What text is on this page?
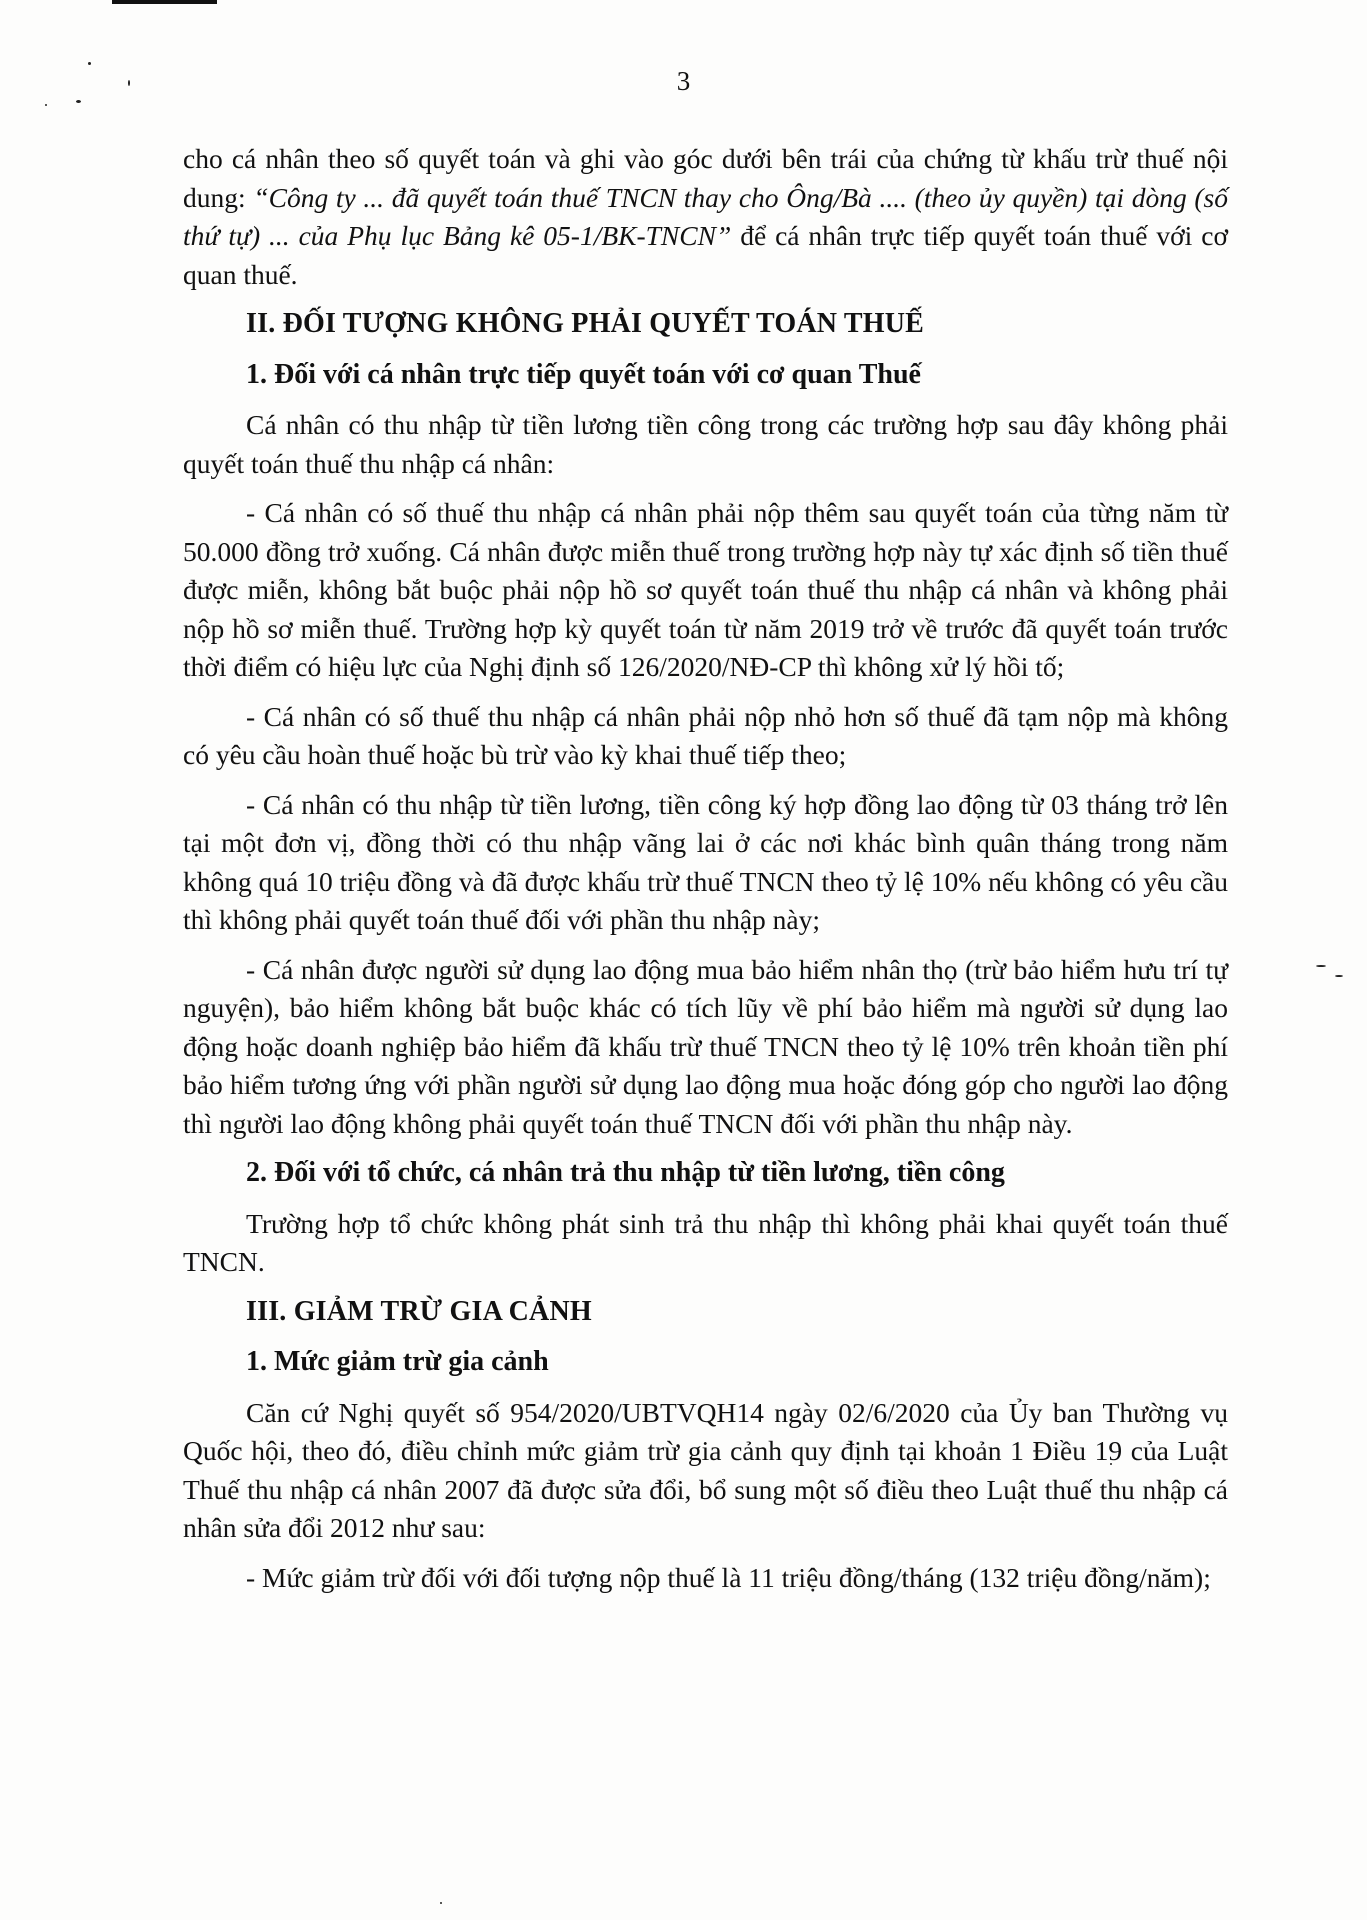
3

cho cá nhân theo số quyết toán và ghi vào góc dưới bên trái của chứng từ khấu trừ thuế nội dung: “Công ty ... đã quyết toán thuế TNCN thay cho Ông/Bà .... (theo ủy quyền) tại dòng (số thứ tự) ... của Phụ lục Bảng kê 05-1/BK-TNCN” để cá nhân trực tiếp quyết toán thuế với cơ quan thuế.

II. ĐỐI TƯỢNG KHÔNG PHẢI QUYẾT TOÁN THUẾ
1. Đối với cá nhân trực tiếp quyết toán với cơ quan Thuế

Cá nhân có thu nhập từ tiền lương tiền công trong các trường hợp sau đây không phải quyết toán thuế thu nhập cá nhân:

- Cá nhân có số thuế thu nhập cá nhân phải nộp thêm sau quyết toán của từng năm từ 50.000 đồng trở xuống. Cá nhân được miễn thuế trong trường hợp này tự xác định số tiền thuế được miễn, không bắt buộc phải nộp hồ sơ quyết toán thuế thu nhập cá nhân và không phải nộp hồ sơ miễn thuế. Trường hợp kỳ quyết toán từ năm 2019 trở về trước đã quyết toán trước thời điểm có hiệu lực của Nghị định số 126/2020/NĐ-CP thì không xử lý hồi tố;

- Cá nhân có số thuế thu nhập cá nhân phải nộp nhỏ hơn số thuế đã tạm nộp mà không có yêu cầu hoàn thuế hoặc bù trừ vào kỳ khai thuế tiếp theo;

- Cá nhân có thu nhập từ tiền lương, tiền công ký hợp đồng lao động từ 03 tháng trở lên tại một đơn vị, đồng thời có thu nhập vãng lai ở các nơi khác bình quân tháng trong năm không quá 10 triệu đồng và đã được khấu trừ thuế TNCN theo tỷ lệ 10% nếu không có yêu cầu thì không phải quyết toán thuế đối với phần thu nhập này;

- Cá nhân được người sử dụng lao động mua bảo hiểm nhân thọ (trừ bảo hiểm hưu trí tự nguyện), bảo hiểm không bắt buộc khác có tích lũy về phí bảo hiểm mà người sử dụng lao động hoặc doanh nghiệp bảo hiểm đã khấu trừ thuế TNCN theo tỷ lệ 10% trên khoản tiền phí bảo hiểm tương ứng với phần người sử dụng lao động mua hoặc đóng góp cho người lao động thì người lao động không phải quyết toán thuế TNCN đối với phần thu nhập này.

2. Đối với tổ chức, cá nhân trả thu nhập từ tiền lương, tiền công

Trường hợp tổ chức không phát sinh trả thu nhập thì không phải khai quyết toán thuế TNCN.

III. GIẢM TRỪ GIA CẢNH
1. Mức giảm trừ gia cảnh

Căn cứ Nghị quyết số 954/2020/UBTVQH14 ngày 02/6/2020 của Ủy ban Thường vụ Quốc hội, theo đó, điều chỉnh mức giảm trừ gia cảnh quy định tại khoản 1 Điều 19 của Luật Thuế thu nhập cá nhân 2007 đã được sửa đổi, bổ sung một số điều theo Luật thuế thu nhập cá nhân sửa đổi 2012 như sau:

- Mức giảm trừ đối với đối tượng nộp thuế là 11 triệu đồng/tháng (132 triệu đồng/năm);
